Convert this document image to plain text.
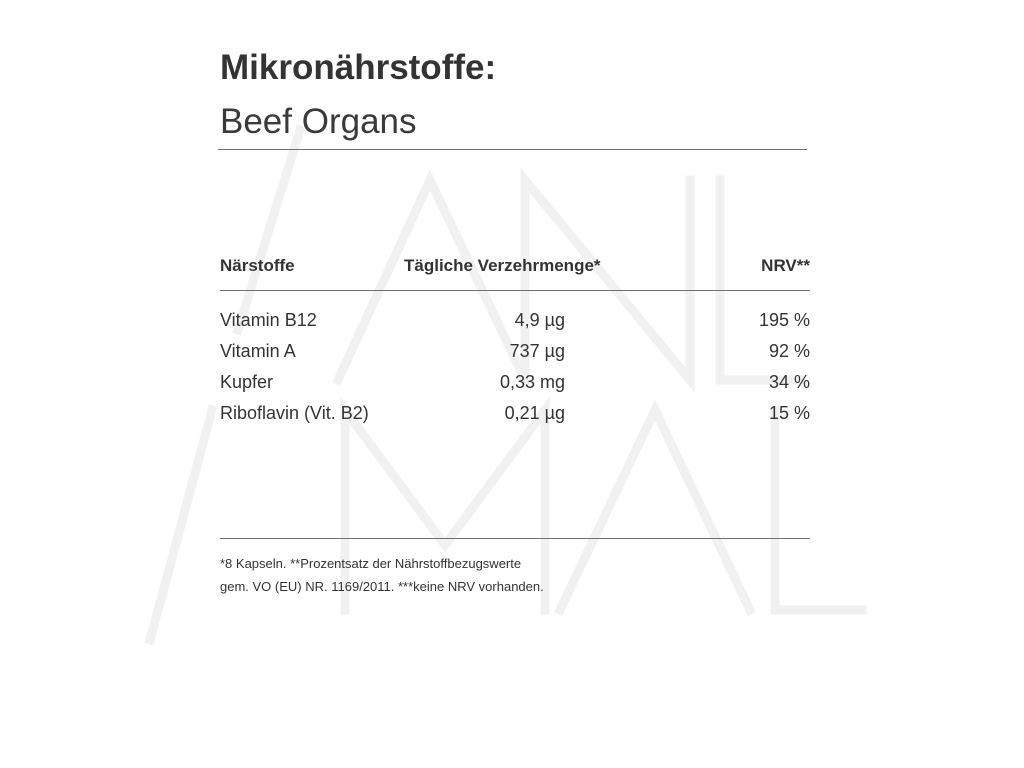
Mikronährstoffe:
Beef Organs
Närstoffe	Tägliche Verzehrmenge*	NRV**
Vitamin B12	4,9 µg	195 %
Vitamin A	737 µg	92 %
Kupfer	0,33 mg	34 %
Riboflavin (Vit. B2)	0,21 µg	15 %

*8 Kapseln. **Prozentsatz der Nährstoffbezugswerte

gem. VO (EU) NR. 1169/2011. ***keine NRV vorhanden.
